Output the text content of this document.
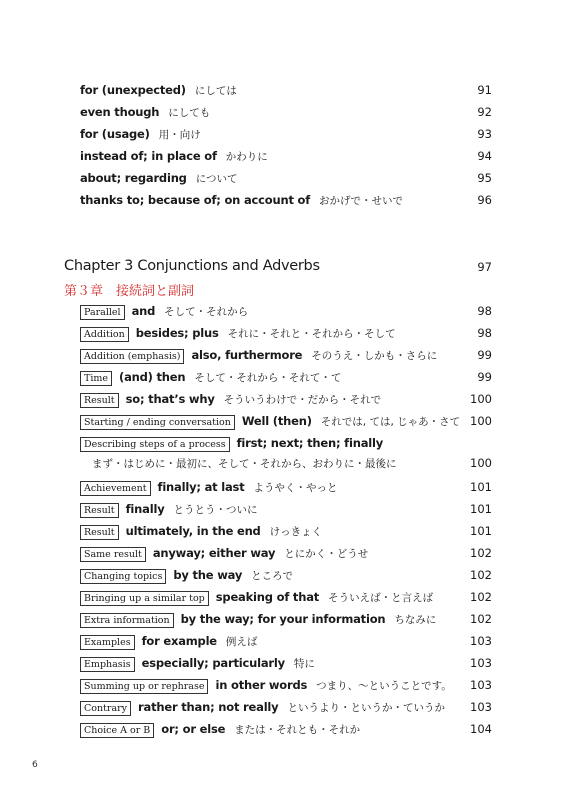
for (unexpected) にしては	91
even though にしても	92
for (usage) 用・向け	93
instead of; in place of かわりに	94
about; regarding について	95
thanks to; because of; on account of おかげで・せいで	96
Chapter 3 Conjunctions and Adverbs	97
第３章　接続詞と副詞
Parallel and そして・それから	98
Addition besides; plus それに・それと・それから・そして	98
Addition (emphasis) also, furthermore そのうえ・しかも・さらに	99
Time (and) then そして・それから・それて・て	99
Result so; that’s why そういうわけで・だから・それで	100
Starting / ending conversation Well (then) それでは, ては, じゃあ・さて 100
Describing steps of a process first; next; then; finally
まず・はじめに・最初に、そして・それから、おわりに・最後に	100
Achievement finally; at last ようやく・やっと	101
Result finally とうとう・ついに	101
Result ultimately, in the end けっきょく	101
Same result anyway; either way とにかく・どうせ	102
Changing topics by the way ところで	102
Bringing up a similar top speaking of that そういえば・と言えば	102
Extra information by the way; for your information ちなみに	102
Examples for example 例えば	103
Emphasis especially; particularly 特に	103
Summing up or rephrase in other words つまり、～ということです。 103
Contrary rather than; not really というより・というか・ていうか 103
Choice A or B or; or else または・それとも・それか	104
6
